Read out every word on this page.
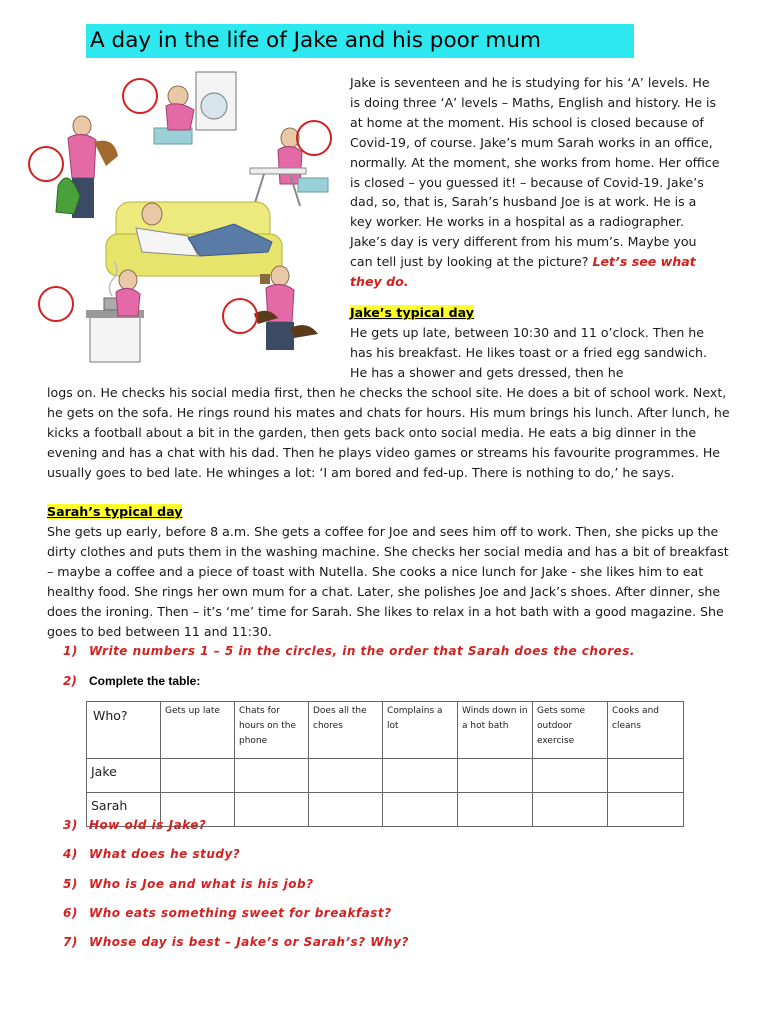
A day in the life of Jake and his poor mum

Jake is seventeen and he is studying for his ‘A’ levels. He is doing three ‘A’ levels – Maths, English and history. He is at home at the moment. His school is closed because of Covid-19, of course. Jake’s mum Sarah works in an office, normally. At the moment, she works from home. Her office is closed – you guessed it! – because of Covid-19. Jake’s dad, so, that is, Sarah’s husband Joe is at work. He is a key worker. He works in a hospital as a radiographer. Jake’s day is very different from his mum’s. Maybe you can tell just by looking at the picture? Let’s see what they do.

Jake’s typical day

He gets up late, between 10:30 and 11 o’clock. Then he has his breakfast. He likes toast or a fried egg sandwich. He has a shower and gets dressed, then he

logs on. He checks his social media first, then he checks the school site. He does a bit of school work. Next, he gets on the sofa. He rings round his mates and chats for hours. His mum brings his lunch. After lunch, he kicks a football about a bit in the garden, then gets back onto social media. He eats a big dinner in the evening and has a chat with his dad. Then he plays video games or streams his favourite programmes. He usually goes to bed late. He whinges a lot: ‘I am bored and fed-up. There is nothing to do,’ he says.

Sarah’s typical day

She gets up early, before 8 a.m. She gets a coffee for Joe and sees him off to work. Then, she picks up the dirty clothes and puts them in the washing machine. She checks her social media and has a bit of breakfast – maybe a coffee and a piece of toast with Nutella. She cooks a nice lunch for Jake - she likes him to eat healthy food. She rings her own mum for a chat. Later, she polishes Joe and Jack’s shoes. After dinner, she does the ironing. Then – it’s ‘me’ time for Sarah. She likes to relax in a hot bath with a good magazine. She goes to bed between 11 and 11:30.

1) Write numbers 1 – 5 in the circles, in the order that Sarah does the chores.
2) Complete the table:
Who?	Gets up late	Chats for hours on the phone	Does all the chores	Complains a lot	Winds down in a hot bath	Gets some outdoor exercise	Cooks and cleans
Jake							
Sarah							
3) How old is Jake?
4) What does he study?
5) Who is Joe and what is his job?
6) Who eats something sweet for breakfast?
7) Whose day is best – Jake’s or Sarah’s? Why?
